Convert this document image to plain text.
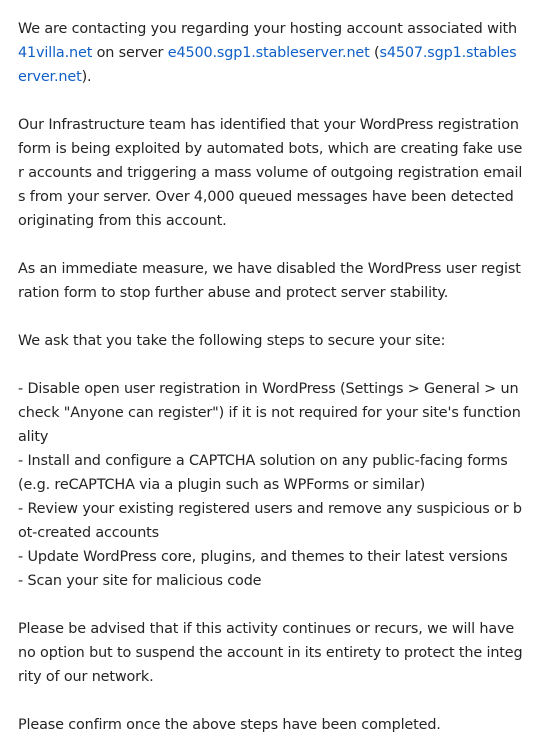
We are contacting you regarding your hosting account associated with 41villa.net on server e4500.sgp1.stableserver.net (s4507.sgp1.stableserver.net).

Our Infrastructure team has identified that your WordPress registration form is being exploited by automated bots, which are creating fake user accounts and triggering a mass volume of outgoing registration emails from your server. Over 4,000 queued messages have been detected originating from this account.

As an immediate measure, we have disabled the WordPress user registration form to stop further abuse and protect server stability.

We ask that you take the following steps to secure your site:

- Disable open user registration in WordPress (Settings > General > uncheck "Anyone can register") if it is not required for your site's functionality
- Install and configure a CAPTCHA solution on any public-facing forms (e.g. reCAPTCHA via a plugin such as WPForms or similar)
- Review your existing registered users and remove any suspicious or bot-created accounts
- Update WordPress core, plugins, and themes to their latest versions
- Scan your site for malicious code

Please be advised that if this activity continues or recurs, we will have no option but to suspend the account in its entirety to protect the integrity of our network.

Please confirm once the above steps have been completed.
